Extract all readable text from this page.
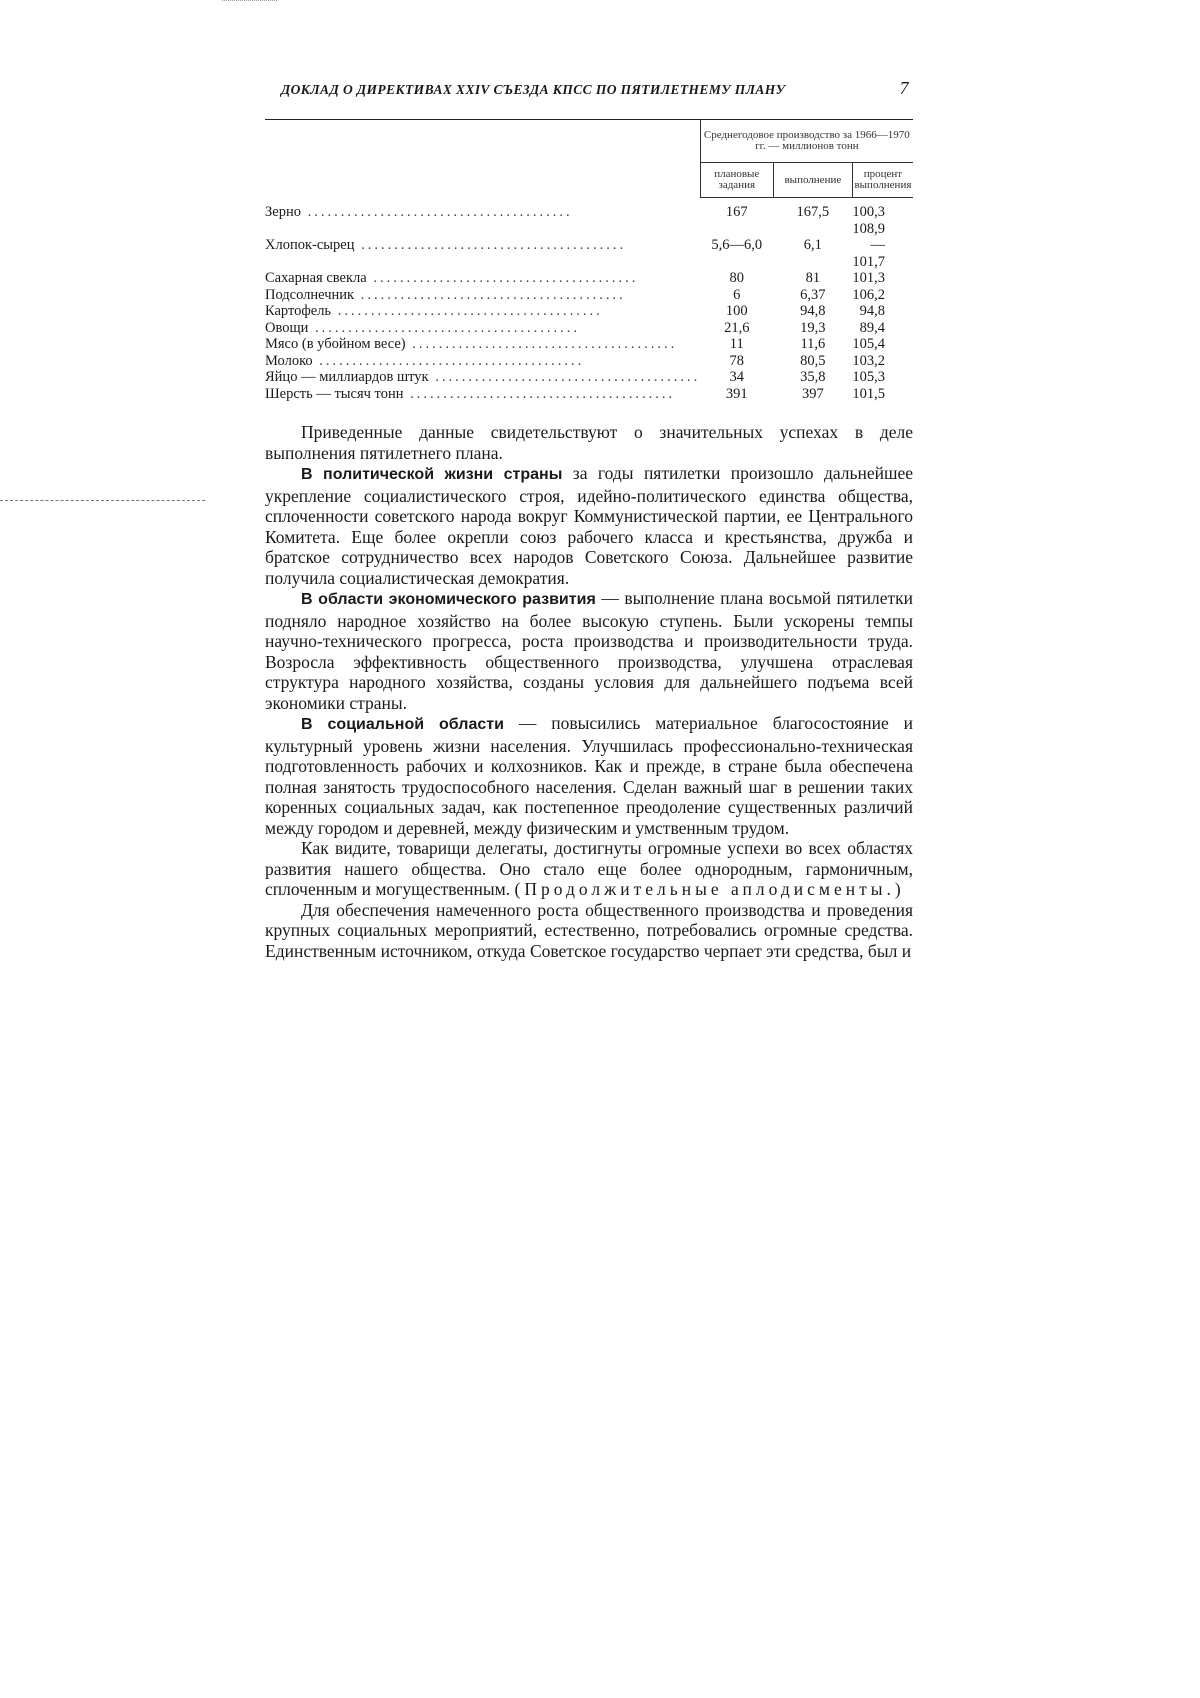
ДОКЛАД О ДИРЕКТИВАХ XXIV СЪЕЗДА КПСС ПО ПЯТИЛЕТНЕМУ ПЛАНУ	7
	Среднегодовое производство за 1966—1970 гг. — миллионов тонн		
	плановые задания	выполнение	процент выполнения
Зерно ........................................	167	167,5	100,3
Хлопок-сырец ........................................	5,6—6,0	6,1	108,9—101,7
Сахарная свекла ........................................	80	81	101,3
Подсолнечник ........................................	6	6,37	106,2
Картофель ........................................	100	94,8	94,8
Овощи ........................................	21,6	19,3	89,4
Мясо (в убойном весе) ........................................	11	11,6	105,4
Молоко ........................................	78	80,5	103,2
Яйцо — миллиардов штук ........................................	34	35,8	105,3
Шерсть — тысяч тонн ........................................	391	397	101,5

Приведенные данные свидетельствуют о значительных успехах в деле выполнения пятилетнего плана.

В политической жизни страны за годы пятилетки произошло дальнейшее укрепление социалистического строя, идейно-политического единства общества, сплоченности советского народа вокруг Коммунистической партии, ее Центрального Комитета. Еще более окрепли союз рабочего класса и крестьянства, дружба и братское сотрудничество всех народов Советского Союза. Дальнейшее развитие получила социалистическая демократия.

В области экономического развития — выполнение плана восьмой пятилетки подняло народное хозяйство на более высокую ступень. Были ускорены темпы научно-технического прогресса, роста производства и производительности труда. Возросла эффективность общественного производства, улучшена отраслевая структура народного хозяйства, созданы условия для дальнейшего подъема всей экономики страны.

В социальной области — повысились материальное благосостояние и культурный уровень жизни населения. Улучшилась профессионально-техническая подготовленность рабочих и колхозников. Как и прежде, в стране была обеспечена полная занятость трудоспособного населения. Сделан важный шаг в решении таких коренных социальных задач, как постепенное преодоление существенных различий между городом и деревней, между физическим и умственным трудом.

Как видите, товарищи делегаты, достигнуты огромные успехи во всех областях развития нашего общества. Оно стало еще более однородным, гармоничным, сплоченным и могущественным. (Продолжительные аплодисменты.)

Для обеспечения намеченного роста общественного производства и проведения крупных социальных мероприятий, естественно, потребовались огромные средства. Единственным источником, откуда Советское государство черпает эти средства, был и
